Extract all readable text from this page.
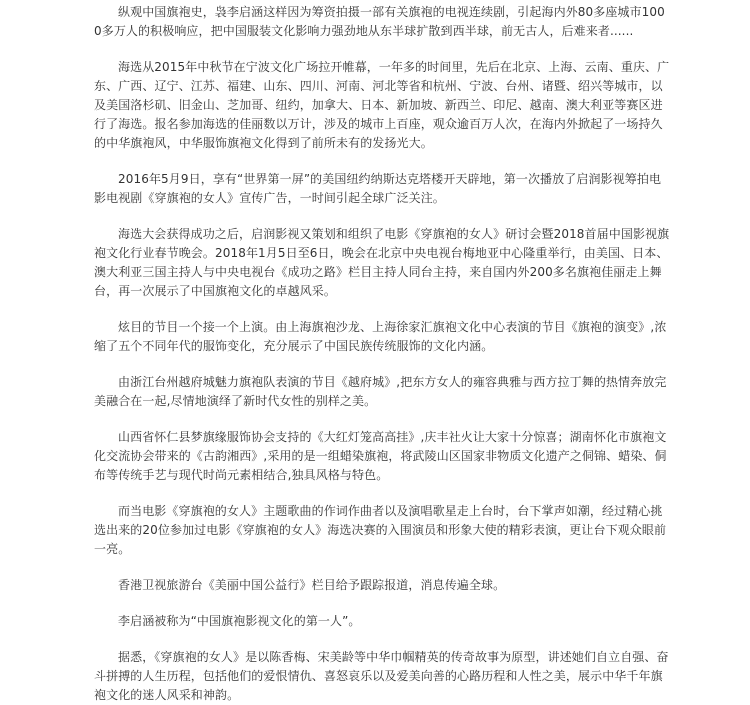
纵观中国旗袍史，袅李启涵这样因为筹资拍摄一部有关旗袍的电视连续剧，引起海内外80多座城市1000多万人的积极响应，把中国服装文化影响力强劲地从东半球扩散到西半球，前无古人，后难来者......

海选从2015年中秋节在宁波文化广场拉开帷幕，一年多的时间里，先后在北京、上海、云南、重庆、广东、广西、辽宁、江苏、福建、山东、四川、河南、河北等省和杭州、宁波、台州、诸暨、绍兴等城市，以及美国洛杉矶、旧金山、芝加哥、纽约，加拿大、日本、新加坡、新西兰、印尼、越南、澳大利亚等赛区进行了海选。报名参加海选的佳丽数以万计，涉及的城市上百座，观众逾百万人次，在海内外掀起了一场持久的中华旗袍风，中华服饰旗袍文化得到了前所未有的发扬光大。

2016年5月9日，享有“世界第一屏”的美国纽约纳斯达克塔楼开天辟地，第一次播放了启润影视筹拍电影电视剧《穿旗袍的女人》宣传广告，一时间引起全球广泛关注。

海选大会获得成功之后，启润影视又策划和组织了电影《穿旗袍的女人》研讨会暨2018首届中国影视旗袍文化行业春节晚会。2018年1月5日至6日，晚会在北京中央电视台梅地亚中心隆重举行，由美国、日本、澳大利亚三国主持人与中央电视台《成功之路》栏目主持人同台主持，来自国内外200多名旗袍佳丽走上舞台，再一次展示了中国旗袍文化的卓越风采。

炫目的节目一个接一个上演。由上海旗袍沙龙、上海徐家汇旗袍文化中心表演的节目《旗袍的演变》,浓缩了五个不同年代的服饰变化，充分展示了中国民族传统服饰的文化内涵。

由浙江台州越府城魅力旗袍队表演的节目《越府城》,把东方女人的雍容典雅与西方拉丁舞的热情奔放完美融合在一起,尽情地演绎了新时代女性的别样之美。

山西省怀仁县梦旗缘服饰协会支持的《大红灯笼高高挂》,庆丰社火让大家十分惊喜；湖南怀化市旗袍文化交流协会带来的《古韵湘西》,采用的是一组蜡染旗袍，将武陵山区国家非物质文化遗产之侗锦、蜡染、侗布等传统手艺与现代时尚元素相结合,独具风格与特色。

而当电影《穿旗袍的女人》主题歌曲的作词作曲者以及演唱歌星走上台时，台下掌声如潮，经过精心挑选出来的20位参加过电影《穿旗袍的女人》海选决赛的入围演员和形象大使的精彩表演，更让台下观众眼前一亮。

香港卫视旅游台《美丽中国公益行》栏目给予跟踪报道，消息传遍全球。

李启涵被称为“中国旗袍影视文化的第一人”。

据悉，《穿旗袍的女人》是以陈香梅、宋美龄等中华巾帼精英的传奇故事为原型，讲述她们自立自强、奋斗拼搏的人生历程，包括他们的爱恨情仇、喜怒哀乐以及爱美向善的心路历程和人性之美，展示中华千年旗袍文化的迷人风采和神韵。
